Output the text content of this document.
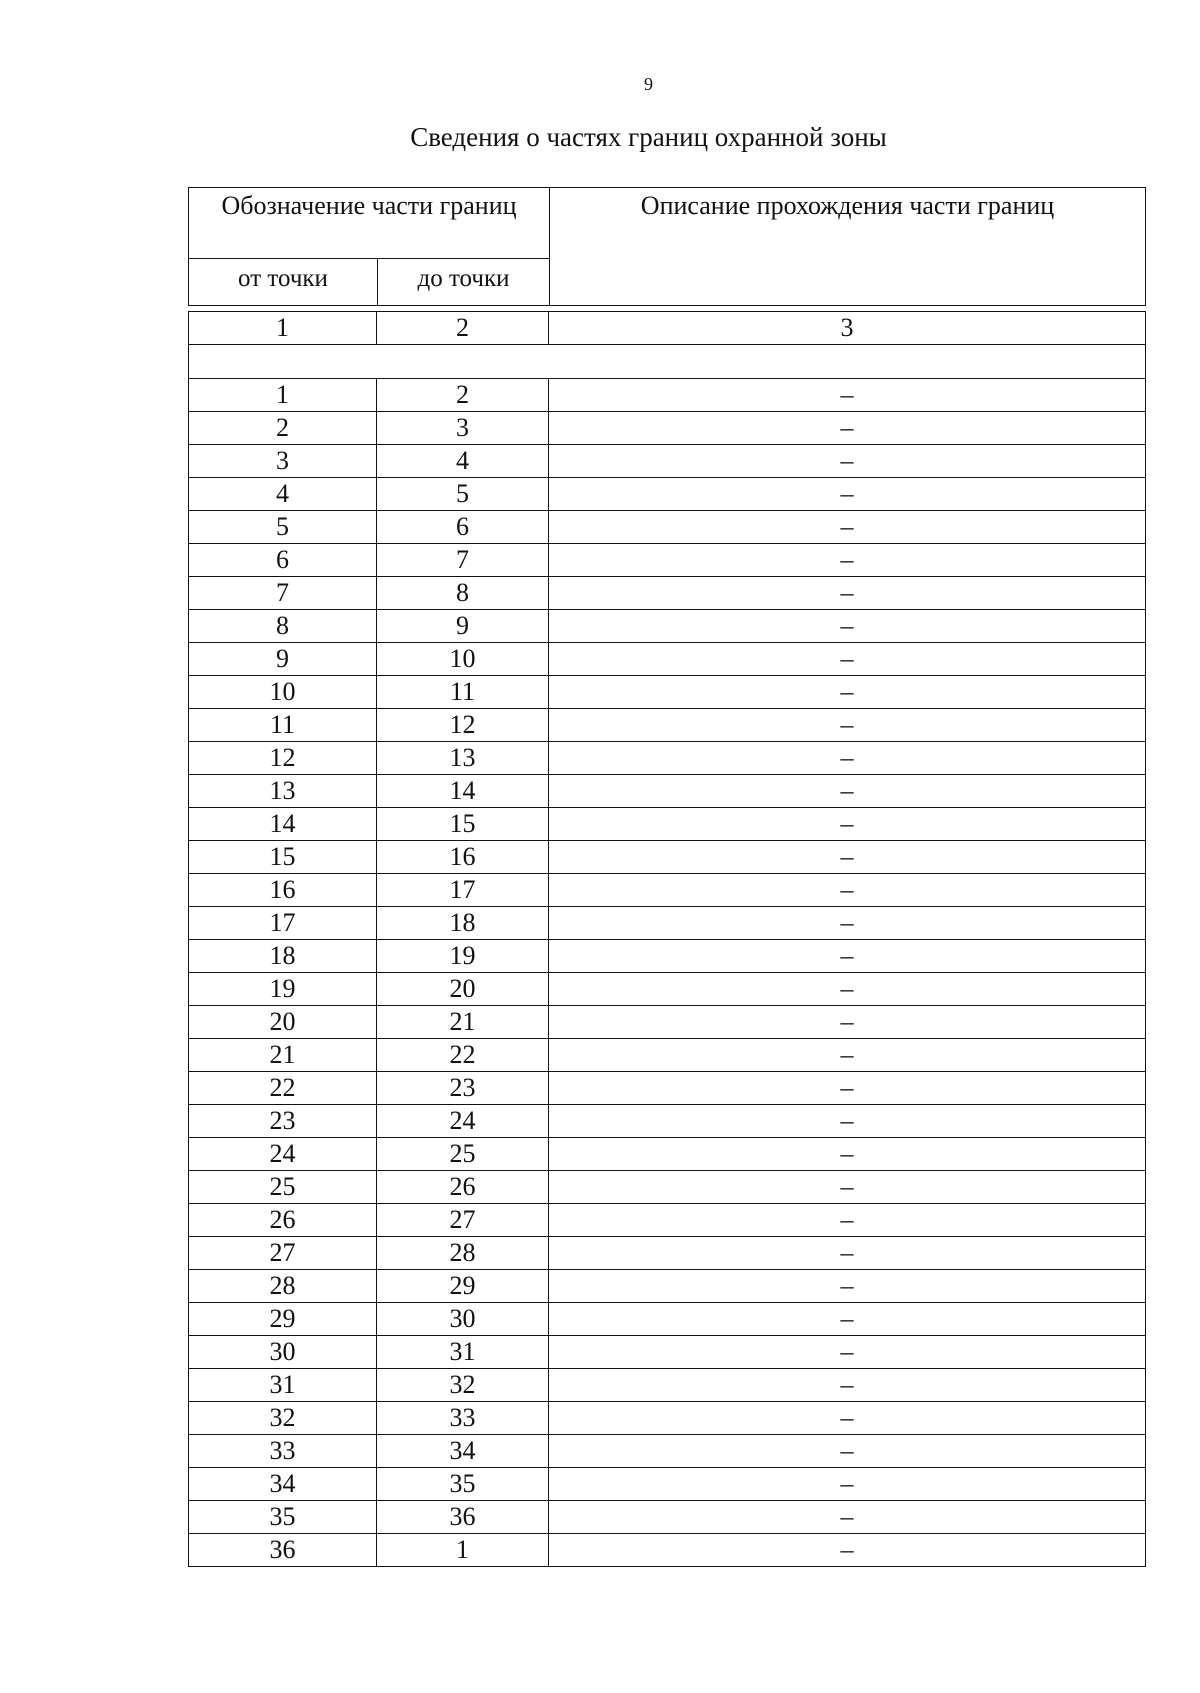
9
Сведения о частях границ охранной зоны
Обозначение части границ
от точки	до точки
Описание прохождения части границ
1	2	3

1	2	–
2	3	–
3	4	–
4	5	–
5	6	–
6	7	–
7	8	–
8	9	–
9	10	–
10	11	–
11	12	–
12	13	–
13	14	–
14	15	–
15	16	–
16	17	–
17	18	–
18	19	–
19	20	–
20	21	–
21	22	–
22	23	–
23	24	–
24	25	–
25	26	–
26	27	–
27	28	–
28	29	–
29	30	–
30	31	–
31	32	–
32	33	–
33	34	–
34	35	–
35	36	–
36	1	–
